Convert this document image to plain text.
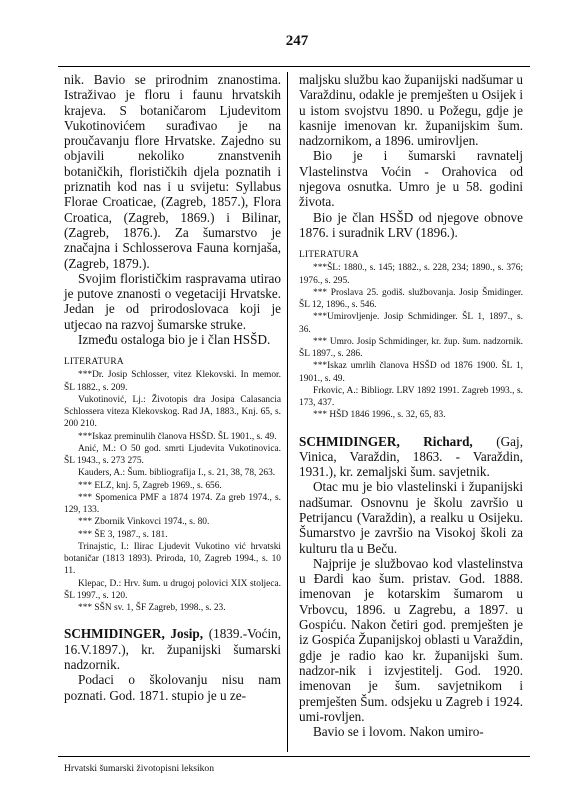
247

nik. Bavio se prirodnim znanostima. Istraživao je floru i faunu hrvatskih krajeva. S botaničarom Ljudevitom Vukotinovićem surađivao je na proučavanju flore Hrvatske. Zajedno su objavili nekoliko znanstvenih botaničkih, florističkih djela poznatih i priznatih kod nas i u svijetu: Syllabus Florae Croaticae, (Zagreb, 1857.), Flora Croatica, (Zagreb, 1869.) i Bilinar, (Zagreb, 1876.). Za šumarstvo je značajna i Schlosserova Fauna kornjaša, (Zagreb, 1879.).

Svojim florističkim raspravama utirao je putove znanosti o vegetaciji Hrvatske. Jedan je od prirodoslovaca koji je utjecao na razvoj šumarske struke.

Između ostaloga bio je i član HSŠD.

LITERATURA

***Dr. Josip Schlosser, vitez Klekovski. In memor. ŠL 1882., s. 209.

Vukotinović, Lj.: Životopis dra Josipa Calasancia Schlossera viteza Klekovskog. Rad JA, 1883., Knj. 65, s. 200 210.

***Iskaz preminulih članova HSŠD. ŠL 1901., s. 49.

Anić, M.: O 50 god. smrti Ljudevita Vukotinovica. ŠL 1943., s. 273 275.

Kauders, A.: Šum. bibliografija I., s. 21, 38, 78, 263.

*** ELZ, knj. 5, Zagreb 1969., s. 656.

*** Spomenica PMF a 1874 1974. Za greb 1974., s. 129, 133.

*** Zbornik Vinkovci 1974., s. 80.

*** ŠE 3, 1987., s. 181.

Trinajstic, I.: Ilirac Ljudevit Vukotino vić hrvatski botaničar (1813 1893). Priroda, 10, Zagreb 1994., s. 10 11.

Klepac, D.: Hrv. šum. u drugoj polovici XIX stoljeca. ŠL 1997., s. 120.

*** SŠN sv. 1, ŠF Zagreb, 1998., s. 23.

SCHMIDINGER, Josip, (1839.-Voćin, 16.V.1897.), kr. županijski šumarski nadzornik.

Podaci o školovanju nisu nam poznati. God. 1871. stupio je u ze-

maljsku službu kao županijski nadšumar u Varaždinu, odakle je premješten u Osijek i u istom svojstvu 1890. u Požegu, gdje je kasnije imenovan kr. županijskim šum. nadzornikom, a 1896. umirovljen.

Bio je i šumarski ravnatelj Vlastelinstva Voćin - Orahovica od njegova osnutka. Umro je u 58. godini života.

Bio je član HSŠD od njegove obnove 1876. i suradnik LRV (1896.).

LITERATURA

***ŠL: 1880., s. 145; 1882., s. 228, 234; 1890., s. 376; 1976., s. 295.

*** Proslava 25. godiš. službovanja. Josip Šmidinger. ŠL 12, 1896., s. 546.

***Umirovljenje. Josip Schmidinger. ŠL 1, 1897., s. 36.

*** Umro. Josip Schmidinger, kr. žup. šum. nadzornik. ŠL 1897., s. 286.

***Iskaz umrlih članova HSŠD od 1876 1900. ŠL 1, 1901., s. 49.

Frkovic, A.: Bibliogr. LRV 1892 1991. Zagreb 1993., s. 173, 437.

*** HŠD 1846 1996., s. 32, 65, 83.

SCHMIDINGER, Richard, (Gaj, Vinica, Varaždin, 1863. - Varaždin, 1931.), kr. zemaljski šum. savjetnik.

Otac mu je bio vlastelinski i županijski nadšumar. Osnovnu je školu završio u Petrijancu (Varaždin), a realku u Osijeku. Šumarstvo je završio na Visokoj školi za kulturu tla u Beču.

Najprije je službovao kod vlastelinstva u Đardi kao šum. pristav. God. 1888. imenovan je kotarskim šumarom u Vrbovcu, 1896. u Zagrebu, a 1897. u Gospiću. Nakon četiri god. premješten je iz Gospića Županijskoj oblasti u Varaždin, gdje je radio kao kr. županijski šum. nadzor-nik i izvjestitelj. God. 1920. imenovan je šum. savjetnikom i premješten Šum. odsjeku u Zagreb i 1924. umi-rovljen.

Bavio se i lovom. Nakon umiro-

Hrvatski šumarski životopisni leksikon
